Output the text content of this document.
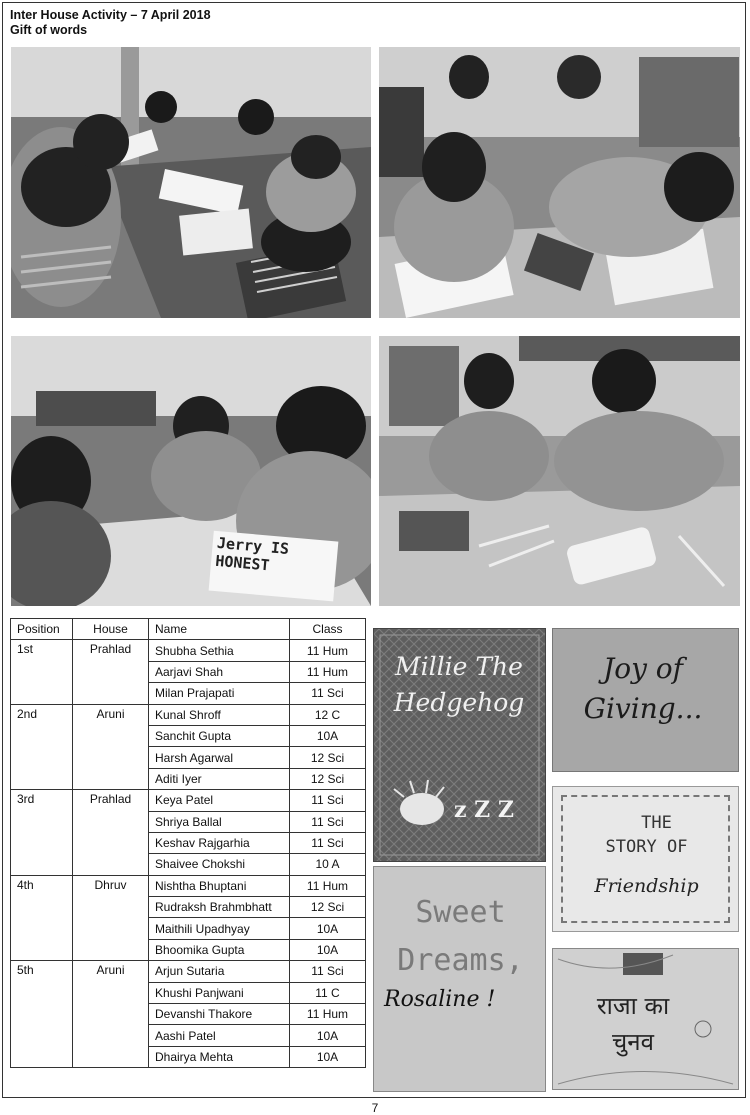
Inter House Activity – 7 April 2018
Gift of words
Jerry IS HONEST
Position	House	Name	Class
1st	Prahlad	Shubha Sethia	11 Hum
		Aarjavi Shah	11 Hum
		Milan Prajapati	11 Sci
2nd	Aruni	Kunal Shroff	12 C
		Sanchit Gupta	10A
		Harsh Agarwal	12 Sci
		Aditi Iyer	12 Sci
3rd	Prahlad	Keya Patel	11 Sci
		Shriya Ballal	11 Sci
		Keshav Rajgarhia	11 Sci
		Shaivee Chokshi	10 A
4th	Dhruv	Nishtha Bhuptani	11 Hum
		Rudraksh Brahmbhatt	12 Sci
		Maithili Upadhyay	10A
		Bhoomika Gupta	10A
5th	Aruni	Arjun Sutaria	11 Sci
		Khushi Panjwani	11 C
		Devanshi Thakore	11 Hum
		Aashi Patel	10A
		Dhairya Mehta	10A
Millie The Hedgehog
z Z Z
Joy of Giving...
THE
STORY OF
Friendship
Sweet Dreams,
Rosaline !	राजा का
चुनव
7
